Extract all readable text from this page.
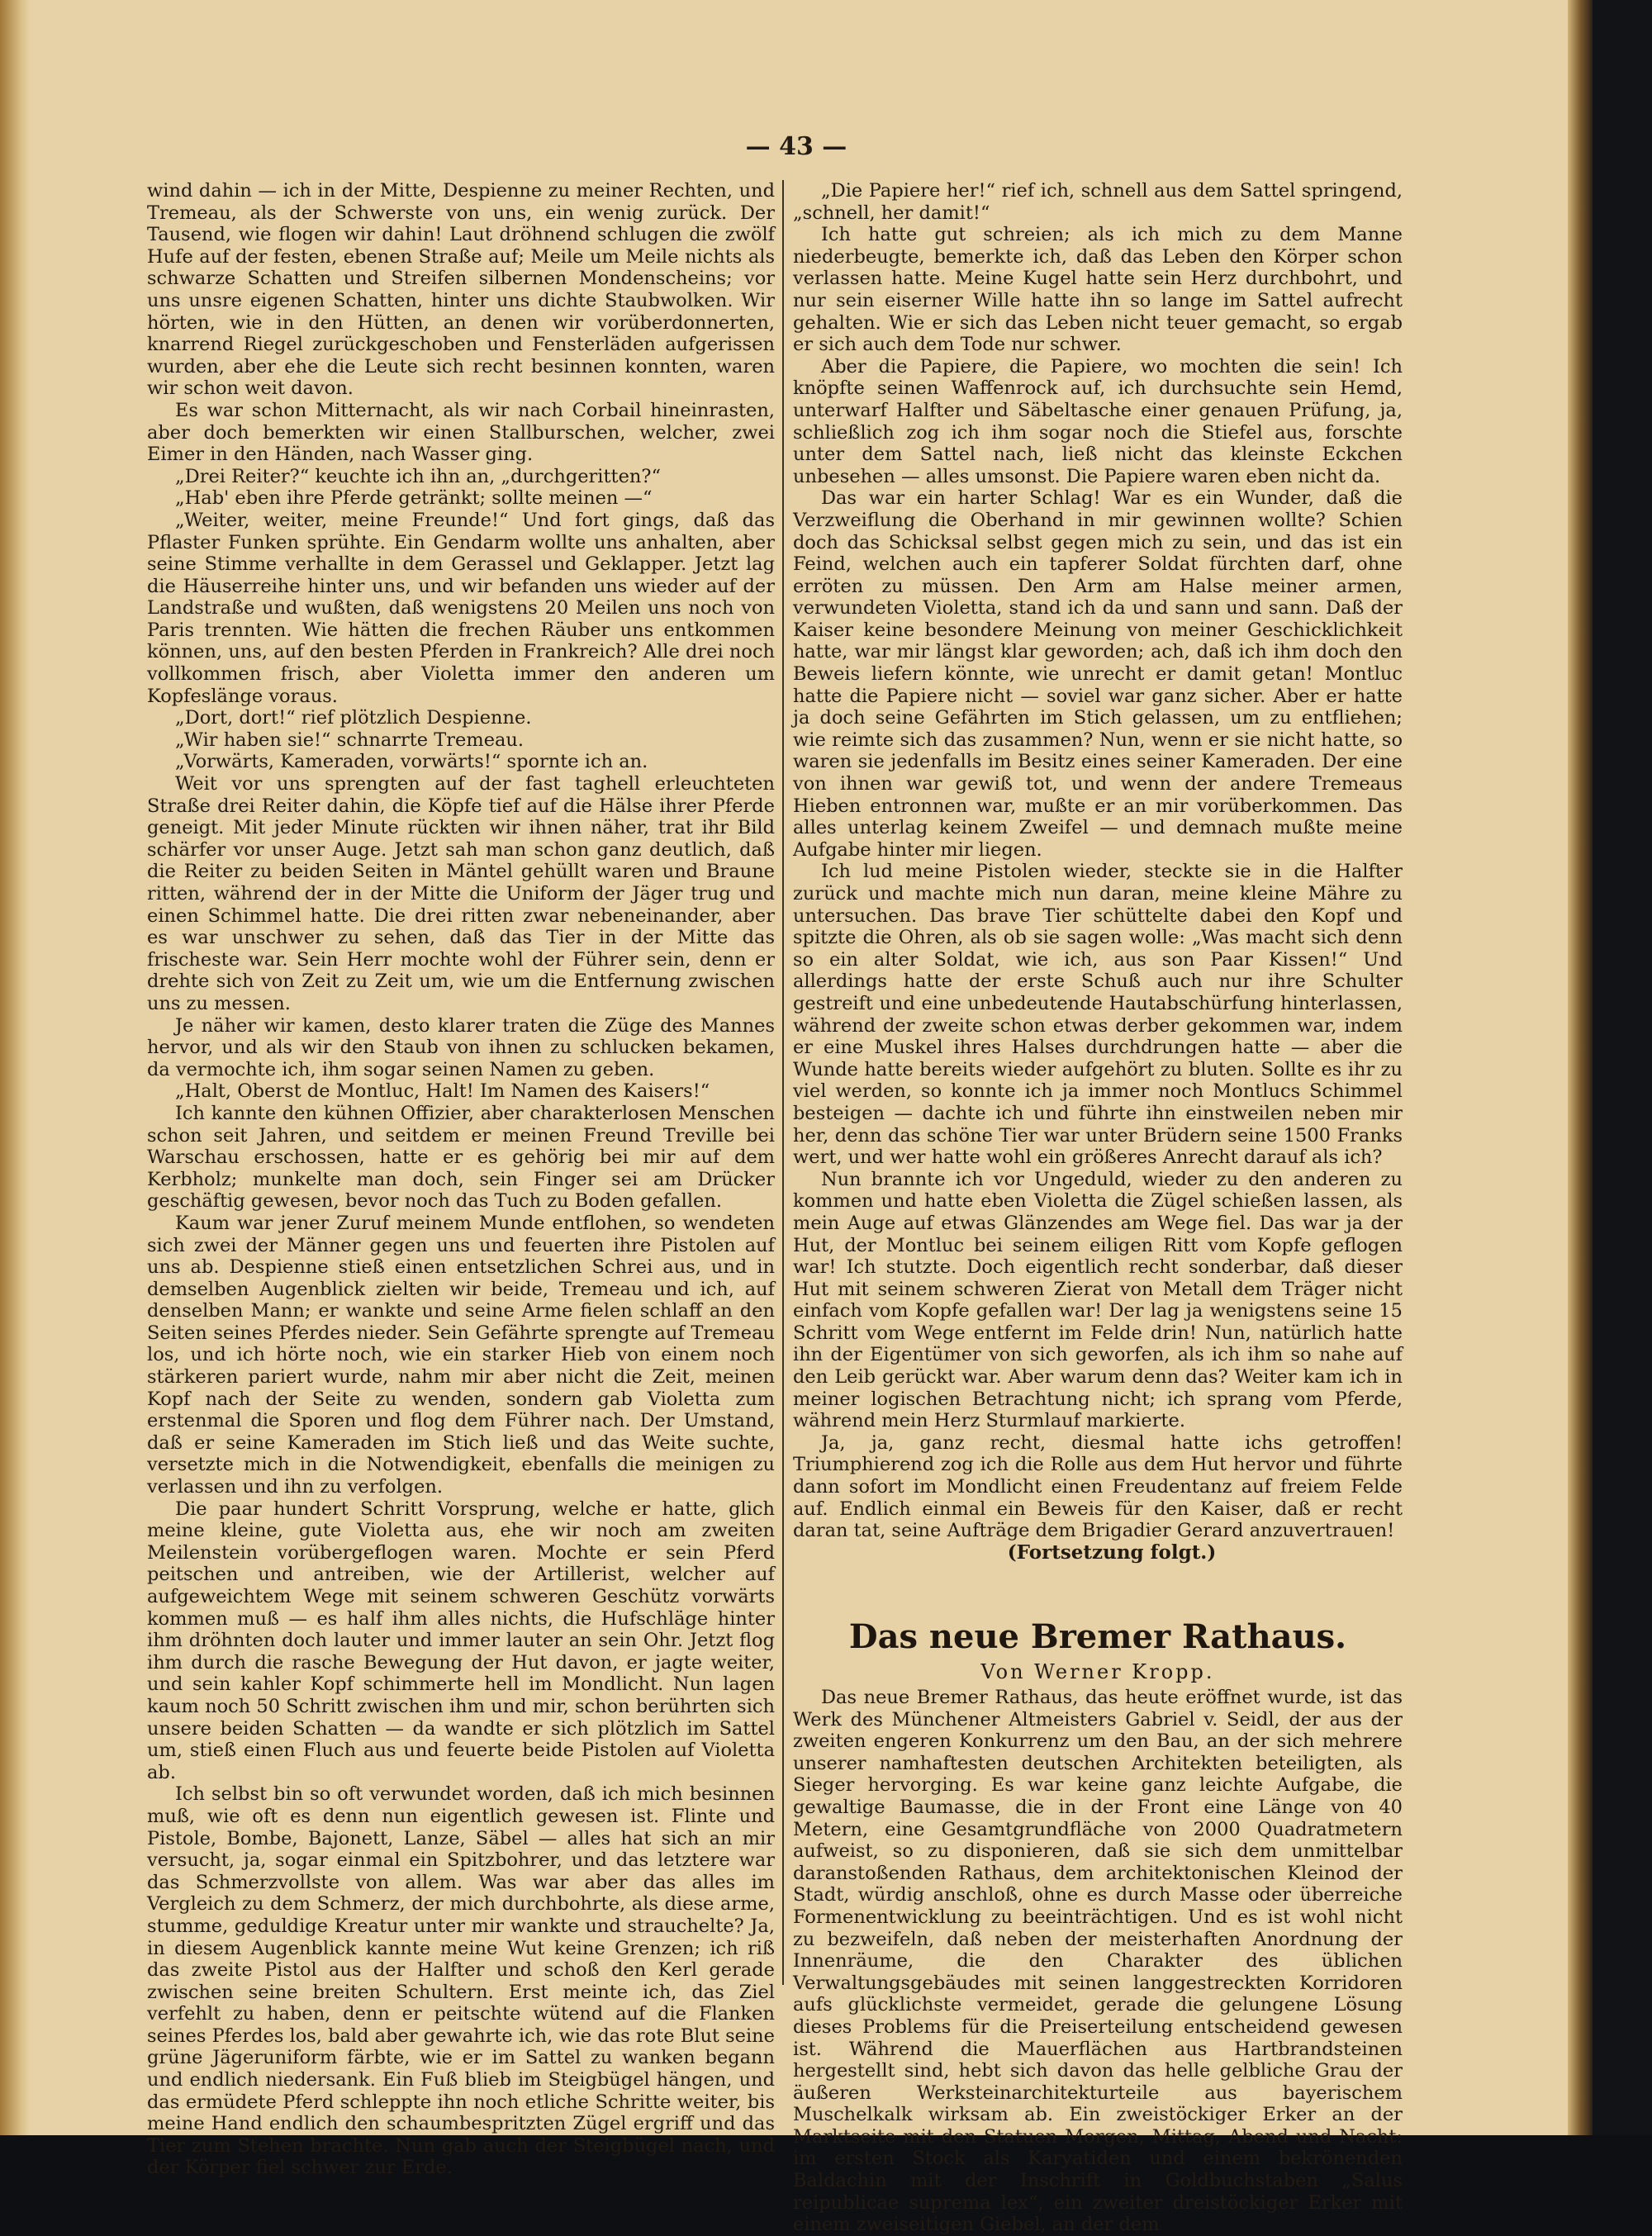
— 43 —

wind dahin — ich in der Mitte, Despienne zu meiner Rechten, und Tremeau, als der Schwerste von uns, ein wenig zurück. Der Tausend, wie flogen wir dahin! Laut dröhnend schlugen die zwölf Hufe auf der festen, ebenen Straße auf; Meile um Meile nichts als schwarze Schatten und Streifen silbernen Mondenscheins; vor uns unsre eigenen Schatten, hinter uns dichte Staubwolken. Wir hörten, wie in den Hütten, an denen wir vorüberdonnerten, knarrend Riegel zurückgeschoben und Fensterläden aufgerissen wurden, aber ehe die Leute sich recht besinnen konnten, waren wir schon weit davon.

Es war schon Mitternacht, als wir nach Corbail hineinrasten, aber doch bemerkten wir einen Stallburschen, welcher, zwei Eimer in den Händen, nach Wasser ging.

„Drei Reiter?“ keuchte ich ihn an, „durchgeritten?“

„Hab' eben ihre Pferde getränkt; sollte meinen —“

„Weiter, weiter, meine Freunde!“ Und fort gings, daß das Pflaster Funken sprühte. Ein Gendarm wollte uns anhalten, aber seine Stimme verhallte in dem Gerassel und Geklapper. Jetzt lag die Häuserreihe hinter uns, und wir befanden uns wieder auf der Landstraße und wußten, daß wenigstens 20 Meilen uns noch von Paris trennten. Wie hätten die frechen Räuber uns entkommen können, uns, auf den besten Pferden in Frankreich? Alle drei noch vollkommen frisch, aber Violetta immer den anderen um Kopfeslänge voraus.

„Dort, dort!“ rief plötzlich Despienne.

„Wir haben sie!“ schnarrte Tremeau.

„Vorwärts, Kameraden, vorwärts!“ spornte ich an.

Weit vor uns sprengten auf der fast taghell erleuchteten Straße drei Reiter dahin, die Köpfe tief auf die Hälse ihrer Pferde geneigt. Mit jeder Minute rückten wir ihnen näher, trat ihr Bild schärfer vor unser Auge. Jetzt sah man schon ganz deutlich, daß die Reiter zu beiden Seiten in Mäntel gehüllt waren und Braune ritten, während der in der Mitte die Uniform der Jäger trug und einen Schimmel hatte. Die drei ritten zwar nebeneinander, aber es war unschwer zu sehen, daß das Tier in der Mitte das frischeste war. Sein Herr mochte wohl der Führer sein, denn er drehte sich von Zeit zu Zeit um, wie um die Entfernung zwischen uns zu messen.

Je näher wir kamen, desto klarer traten die Züge des Mannes hervor, und als wir den Staub von ihnen zu schlucken bekamen, da vermochte ich, ihm sogar seinen Namen zu geben.

„Halt, Oberst de Montluc, Halt! Im Namen des Kaisers!“

Ich kannte den kühnen Offizier, aber charakterlosen Menschen schon seit Jahren, und seitdem er meinen Freund Treville bei Warschau erschossen, hatte er es gehörig bei mir auf dem Kerbholz; munkelte man doch, sein Finger sei am Drücker geschäftig gewesen, bevor noch das Tuch zu Boden gefallen.

Kaum war jener Zuruf meinem Munde entflohen, so wendeten sich zwei der Männer gegen uns und feuerten ihre Pistolen auf uns ab. Despienne stieß einen entsetzlichen Schrei aus, und in demselben Augenblick zielten wir beide, Tremeau und ich, auf denselben Mann; er wankte und seine Arme fielen schlaff an den Seiten seines Pferdes nieder. Sein Gefährte sprengte auf Tremeau los, und ich hörte noch, wie ein starker Hieb von einem noch stärkeren pariert wurde, nahm mir aber nicht die Zeit, meinen Kopf nach der Seite zu wenden, sondern gab Violetta zum erstenmal die Sporen und flog dem Führer nach. Der Umstand, daß er seine Kameraden im Stich ließ und das Weite suchte, versetzte mich in die Notwendigkeit, ebenfalls die meinigen zu verlassen und ihn zu verfolgen.

Die paar hundert Schritt Vorsprung, welche er hatte, glich meine kleine, gute Violetta aus, ehe wir noch am zweiten Meilenstein vorübergeflogen waren. Mochte er sein Pferd peitschen und antreiben, wie der Artillerist, welcher auf aufgeweichtem Wege mit seinem schweren Geschütz vorwärts kommen muß — es half ihm alles nichts, die Hufschläge hinter ihm dröhnten doch lauter und immer lauter an sein Ohr. Jetzt flog ihm durch die rasche Bewegung der Hut davon, er jagte weiter, und sein kahler Kopf schimmerte hell im Mondlicht. Nun lagen kaum noch 50 Schritt zwischen ihm und mir, schon berührten sich unsere beiden Schatten — da wandte er sich plötzlich im Sattel um, stieß einen Fluch aus und feuerte beide Pistolen auf Violetta ab.

Ich selbst bin so oft verwundet worden, daß ich mich besinnen muß, wie oft es denn nun eigentlich gewesen ist. Flinte und Pistole, Bombe, Bajonett, Lanze, Säbel — alles hat sich an mir versucht, ja, sogar einmal ein Spitzbohrer, und das letztere war das Schmerzvollste von allem. Was war aber das alles im Vergleich zu dem Schmerz, der mich durchbohrte, als diese arme, stumme, geduldige Kreatur unter mir wankte und strauchelte? Ja, in diesem Augenblick kannte meine Wut keine Grenzen; ich riß das zweite Pistol aus der Halfter und schoß den Kerl gerade zwischen seine breiten Schultern. Erst meinte ich, das Ziel verfehlt zu haben, denn er peitschte wütend auf die Flanken seines Pferdes los, bald aber gewahrte ich, wie das rote Blut seine grüne Jägeruniform färbte, wie er im Sattel zu wanken begann und endlich niedersank. Ein Fuß blieb im Steigbügel hängen, und das ermüdete Pferd schleppte ihn noch etliche Schritte weiter, bis meine Hand endlich den schaumbespritzten Zügel ergriff und das Tier zum Stehen brachte. Nun gab auch der Steigbügel nach, und der Körper fiel schwer zur Erde.

„Die Papiere her!“ rief ich, schnell aus dem Sattel springend, „schnell, her damit!“

Ich hatte gut schreien; als ich mich zu dem Manne niederbeugte, bemerkte ich, daß das Leben den Körper schon verlassen hatte. Meine Kugel hatte sein Herz durchbohrt, und nur sein eiserner Wille hatte ihn so lange im Sattel aufrecht gehalten. Wie er sich das Leben nicht teuer gemacht, so ergab er sich auch dem Tode nur schwer.

Aber die Papiere, die Papiere, wo mochten die sein! Ich knöpfte seinen Waffenrock auf, ich durchsuchte sein Hemd, unterwarf Halfter und Säbeltasche einer genauen Prüfung, ja, schließlich zog ich ihm sogar noch die Stiefel aus, forschte unter dem Sattel nach, ließ nicht das kleinste Eckchen unbesehen — alles umsonst. Die Papiere waren eben nicht da.

Das war ein harter Schlag! War es ein Wunder, daß die Verzweiflung die Oberhand in mir gewinnen wollte? Schien doch das Schicksal selbst gegen mich zu sein, und das ist ein Feind, welchen auch ein tapferer Soldat fürchten darf, ohne erröten zu müssen. Den Arm am Halse meiner armen, verwundeten Violetta, stand ich da und sann und sann. Daß der Kaiser keine besondere Meinung von meiner Geschicklichkeit hatte, war mir längst klar geworden; ach, daß ich ihm doch den Beweis liefern könnte, wie unrecht er damit getan! Montluc hatte die Papiere nicht — soviel war ganz sicher. Aber er hatte ja doch seine Gefährten im Stich gelassen, um zu entfliehen; wie reimte sich das zusammen? Nun, wenn er sie nicht hatte, so waren sie jedenfalls im Besitz eines seiner Kameraden. Der eine von ihnen war gewiß tot, und wenn der andere Tremeaus Hieben entronnen war, mußte er an mir vorüberkommen. Das alles unterlag keinem Zweifel — und demnach mußte meine Aufgabe hinter mir liegen.

Ich lud meine Pistolen wieder, steckte sie in die Halfter zurück und machte mich nun daran, meine kleine Mähre zu untersuchen. Das brave Tier schüttelte dabei den Kopf und spitzte die Ohren, als ob sie sagen wolle: „Was macht sich denn so ein alter Soldat, wie ich, aus son Paar Kissen!“ Und allerdings hatte der erste Schuß auch nur ihre Schulter gestreift und eine unbedeutende Hautabschürfung hinterlassen, während der zweite schon etwas derber gekommen war, indem er eine Muskel ihres Halses durchdrungen hatte — aber die Wunde hatte bereits wieder aufgehört zu bluten. Sollte es ihr zu viel werden, so konnte ich ja immer noch Montlucs Schimmel besteigen — dachte ich und führte ihn einstweilen neben mir her, denn das schöne Tier war unter Brüdern seine 1500 Franks wert, und wer hatte wohl ein größeres Anrecht darauf als ich?

Nun brannte ich vor Ungeduld, wieder zu den anderen zu kommen und hatte eben Violetta die Zügel schießen lassen, als mein Auge auf etwas Glänzendes am Wege fiel. Das war ja der Hut, der Montluc bei seinem eiligen Ritt vom Kopfe geflogen war! Ich stutzte. Doch eigentlich recht sonderbar, daß dieser Hut mit seinem schweren Zierat von Metall dem Träger nicht einfach vom Kopfe gefallen war! Der lag ja wenigstens seine 15 Schritt vom Wege entfernt im Felde drin! Nun, natürlich hatte ihn der Eigentümer von sich geworfen, als ich ihm so nahe auf den Leib gerückt war. Aber warum denn das? Weiter kam ich in meiner logischen Betrachtung nicht; ich sprang vom Pferde, während mein Herz Sturmlauf markierte.

Ja, ja, ganz recht, diesmal hatte ichs getroffen! Triumphierend zog ich die Rolle aus dem Hut hervor und führte dann sofort im Mondlicht einen Freudentanz auf freiem Felde auf. Endlich einmal ein Beweis für den Kaiser, daß er recht daran tat, seine Aufträge dem Brigadier Gerard anzuvertrauen!

(Fortsetzung folgt.)

Das neue Bremer Rathaus.
Von Werner Kropp.

Das neue Bremer Rathaus, das heute eröffnet wurde, ist das Werk des Münchener Altmeisters Gabriel v. Seidl, der aus der zweiten engeren Konkurrenz um den Bau, an der sich mehrere unserer namhaftesten deutschen Architekten beteiligten, als Sieger hervorging. Es war keine ganz leichte Aufgabe, die gewaltige Baumasse, die in der Front eine Länge von 40 Metern, eine Gesamtgrundfläche von 2000 Quadratmetern aufweist, so zu disponieren, daß sie sich dem unmittelbar daranstoßenden Rathaus, dem architektonischen Kleinod der Stadt, würdig anschloß, ohne es durch Masse oder überreiche Formenentwicklung zu beeinträchtigen. Und es ist wohl nicht zu bezweifeln, daß neben der meisterhaften Anordnung der Innenräume, die den Charakter des üblichen Verwaltungsgebäudes mit seinen langgestreckten Korridoren aufs glücklichste vermeidet, gerade die gelungene Lösung dieses Problems für die Preiserteilung entscheidend gewesen ist. Während die Mauerflächen aus Hartbrandsteinen hergestellt sind, hebt sich davon das helle gelbliche Grau der äußeren Werksteinarchitekturteile aus bayerischem Muschelkalk wirksam ab. Ein zweistöckiger Erker an der Marktseite mit den Statuen Morgen, Mittag, Abend und Nacht: im ersten Stock als Karyatiden und einem bekrönenden Baldachin mit der Inschrift in Goldbuchstaben „Salus reipublicae suprema lex“, ein zweiter dreistöckiger Erker mit einem zweiseitigen Giebel, an der dem
